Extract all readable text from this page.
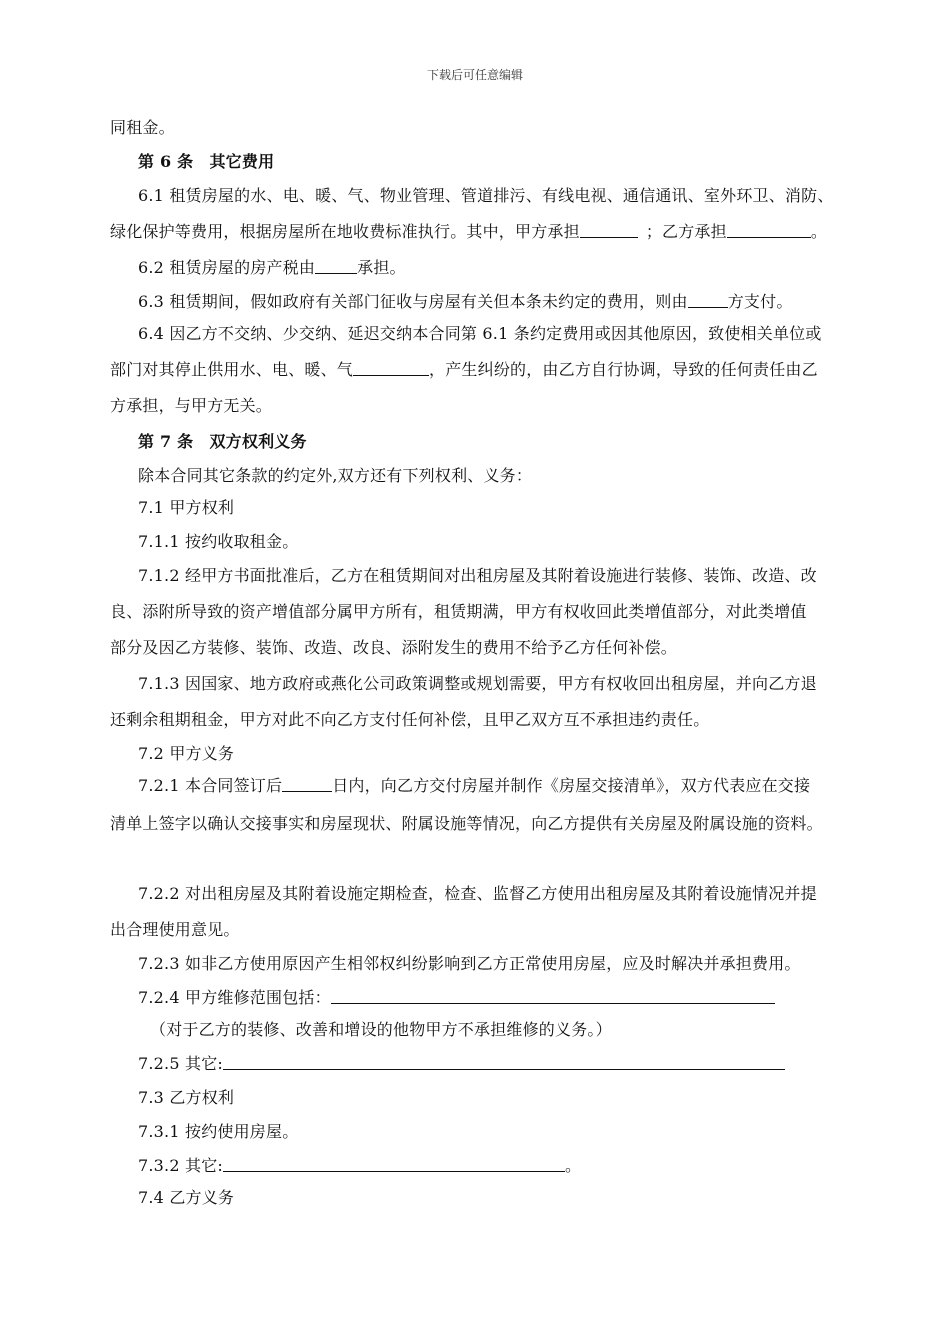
下载后可任意编辑
同租金。
第 6 条　其它费用
6.1 租赁房屋的水、电、暖、气、物业管理、管道排污、有线电视、通信通讯、室外环卫、消防、
绿化保护等费用，根据房屋所在地收费标准执行。其中，甲方承担	；乙方承担	。
6.2 租赁房屋的房产税由	承担。
6.3 租赁期间，假如政府有关部门征收与房屋有关但本条未约定的费用，则由	方支付。
6.4 因乙方不交纳、少交纳、延迟交纳本合同第 6.1 条约定费用或因其他原因，致使相关单位或
部门对其停止供用水、电、暖、气	，产生纠纷的，由乙方自行协调，导致的任何责任由乙
方承担，与甲方无关。
第 7 条　双方权利义务
除本合同其它条款的约定外,双方还有下列权利、义务：
7.1 甲方权利
7.1.1 按约收取租金。
7.1.2 经甲方书面批准后，乙方在租赁期间对出租房屋及其附着设施进行装修、装饰、改造、改
良、添附所导致的资产增值部分属甲方所有，租赁期满，甲方有权收回此类增值部分，对此类增值
部分及因乙方装修、装饰、改造、改良、添附发生的费用不给予乙方任何补偿。
7.1.3 因国家、地方政府或燕化公司政策调整或规划需要，甲方有权收回出租房屋，并向乙方退
还剩余租期租金，甲方对此不向乙方支付任何补偿，且甲乙双方互不承担违约责任。
7.2 甲方义务
7.2.1 本合同签订后	日内，向乙方交付房屋并制作《房屋交接清单》，双方代表应在交接
清单上签字以确认交接事实和房屋现状、附属设施等情况，向乙方提供有关房屋及附属设施的资料。
7.2.2 对出租房屋及其附着设施定期检查，检查、监督乙方使用出租房屋及其附着设施情况并提
出合理使用意见。
7.2.3 如非乙方使用原因产生相邻权纠纷影响到乙方正常使用房屋，应及时解决并承担费用。
7.2.4 甲方维修范围包括：
（对于乙方的装修、改善和增设的他物甲方不承担维修的义务。）
7.2.5 其它:
7.3 乙方权利
7.3.1 按约使用房屋。
7.3.2 其它:	。
7.4 乙方义务
